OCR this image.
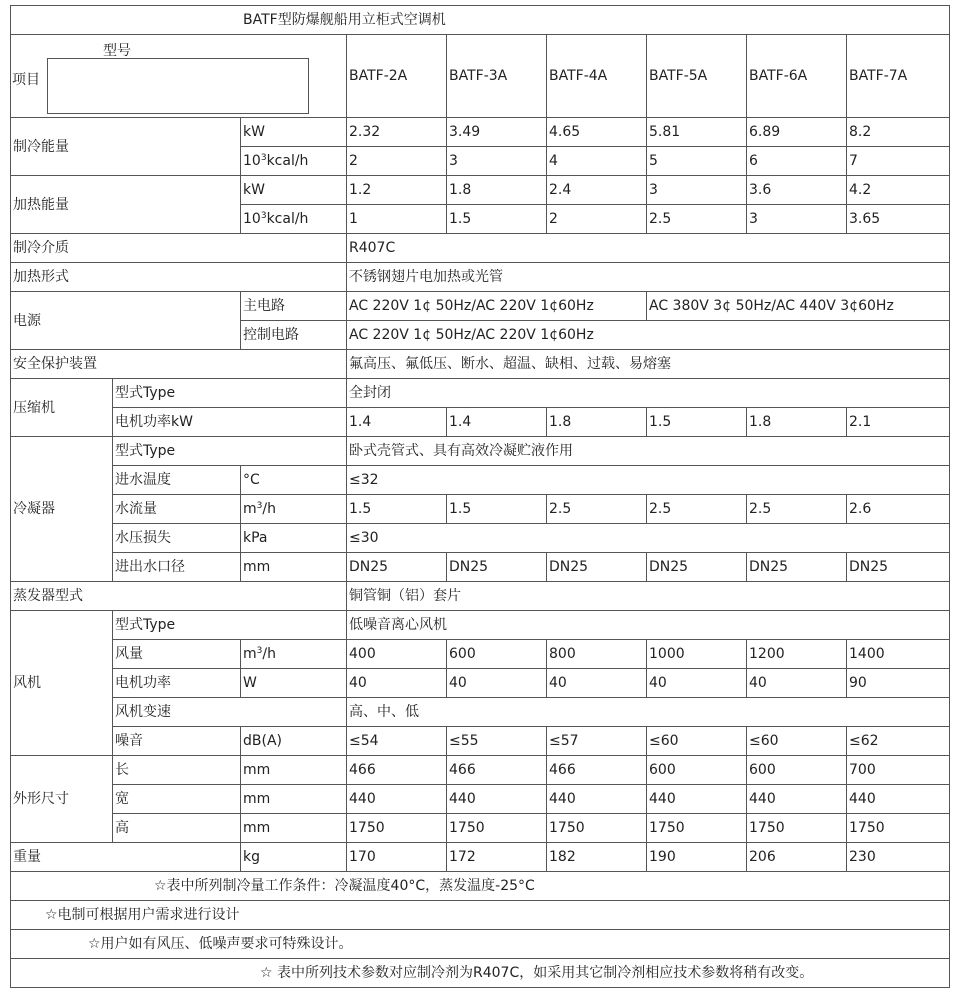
BATF型防爆舰船用立柜式空调机								

型号
项目			BATF-2A	BATF-3A	BATF-4A	BATF-5A	BATF-6A	BATF-7A
制冷能量		kW	2.32	3.49	4.65	5.81	6.89	8.2
		$10^3kcal/h$	2	3	4	5	6	7
加热能量		kW	1.2	1.8	2.4	3	3.6	4.2
		$10^3kcal/h$	1	1.5	2	2.5	3	3.65
制冷介质			R407C					
加热形式			不锈钢翅片电加热或光管					
电源		主电路	AC 220V 1¢ 50Hz/AC 220V 1¢60Hz			AC 380V 3¢ 50Hz/AC 440V 3¢60Hz		
		控制电路	AC 220V 1¢ 50Hz/AC 220V 1¢60Hz					
安全保护装置			氟高压、氟低压、断水、超温、缺相、过载、易熔塞					
压缩机	型式Type		全封闭					
	电机功率kW		1.4	1.4	1.8	1.5	1.8	2.1
冷凝器	型式Type		卧式壳管式、具有高效冷凝贮液作用					
	进水温度	°C	≤32					
	水流量	$m^3/h$	1.5	1.5	2.5	2.5	2.5	2.6
	水压损失	kPa	≤30					
	进出水口径	mm	DN25	DN25	DN25	DN25	DN25	DN25
蒸发器型式			铜管铜（铝）套片					
风机	型式Type		低噪音离心风机					
	风量	$m^3/h$	400	600	800	1000	1200	1400
	电机功率	W	40	40	40	40	40	90
	风机变速		高、中、低					
	噪音	dB(A)	≤54	≤55	≤57	≤60	≤60	≤62
外形尺寸	长	mm	466	466	466	600	600	700
	宽	mm	440	440	440	440	440	440
	高	mm	1750	1750	1750	1750	1750	1750
重量		kg	170	172	182	190	206	230
☆表中所列制冷量工作条件：冷凝温度40°C，蒸发温度-25°C								
☆电制可根据用户需求进行设计								
☆用户如有风压、低噪声要求可特殊设计。								
☆ 表中所列技术参数对应制冷剂为R407C，如采用其它制冷剂相应技术参数将稍有改变。								
